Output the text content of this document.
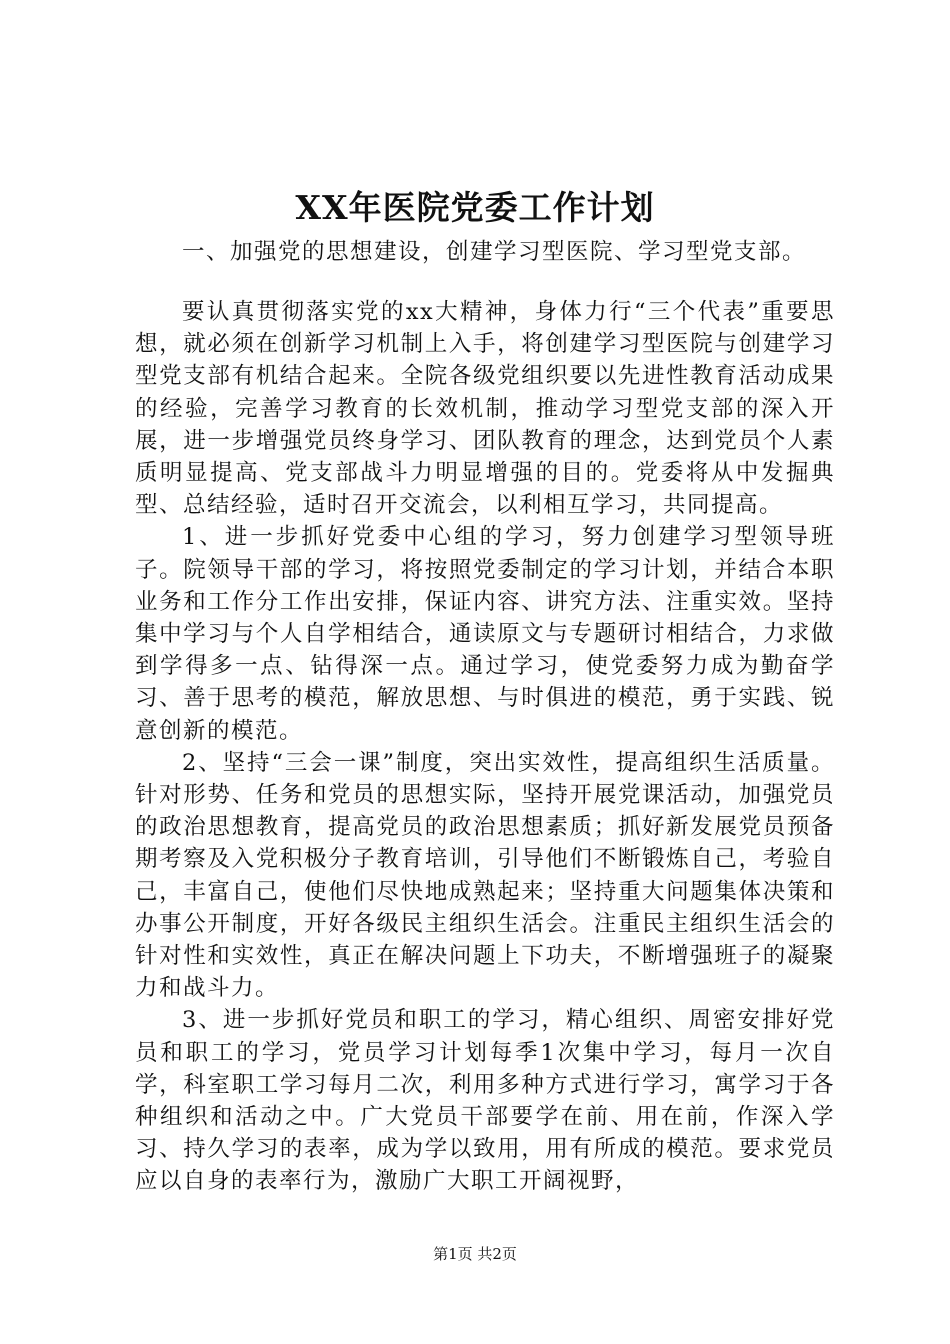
XX年医院党委工作计划

一、加强党的思想建设，创建学习型医院、学习型党支部。

要认真贯彻落实党的xx大精神，身体力行“三个代表”重要思想，就必须在创新学习机制上入手，将创建学习型医院与创建学习型党支部有机结合起来。全院各级党组织要以先进性教育活动成果的经验，完善学习教育的长效机制，推动学习型党支部的深入开展，进一步增强党员终身学习、团队教育的理念，达到党员个人素质明显提高、党支部战斗力明显增强的目的。党委将从中发掘典型、总结经验，适时召开交流会，以利相互学习，共同提高。

1、进一步抓好党委中心组的学习，努力创建学习型领导班子。院领导干部的学习，将按照党委制定的学习计划，并结合本职业务和工作分工作出安排，保证内容、讲究方法、注重实效。坚持集中学习与个人自学相结合，通读原文与专题研讨相结合，力求做到学得多一点、钻得深一点。通过学习，使党委努力成为勤奋学习、善于思考的模范，解放思想、与时俱进的模范，勇于实践、锐意创新的模范。

2、坚持“三会一课”制度，突出实效性，提高组织生活质量。针对形势、任务和党员的思想实际，坚持开展党课活动，加强党员的政治思想教育，提高党员的政治思想素质；抓好新发展党员预备期考察及入党积极分子教育培训，引导他们不断锻炼自己，考验自己，丰富自己，使他们尽快地成熟起来；坚持重大问题集体决策和办事公开制度，开好各级民主组织生活会。注重民主组织生活会的针对性和实效性，真正在解决问题上下功夫，不断增强班子的凝聚力和战斗力。

3、进一步抓好党员和职工的学习，精心组织、周密安排好党员和职工的学习，党员学习计划每季1次集中学习，每月一次自学，科室职工学习每月二次，利用多种方式进行学习，寓学习于各种组织和活动之中。广大党员干部要学在前、用在前，作深入学习、持久学习的表率，成为学以致用，用有所成的模范。要求党员应以自身的表率行为，激励广大职工开阔视野，

第1页 共2页
